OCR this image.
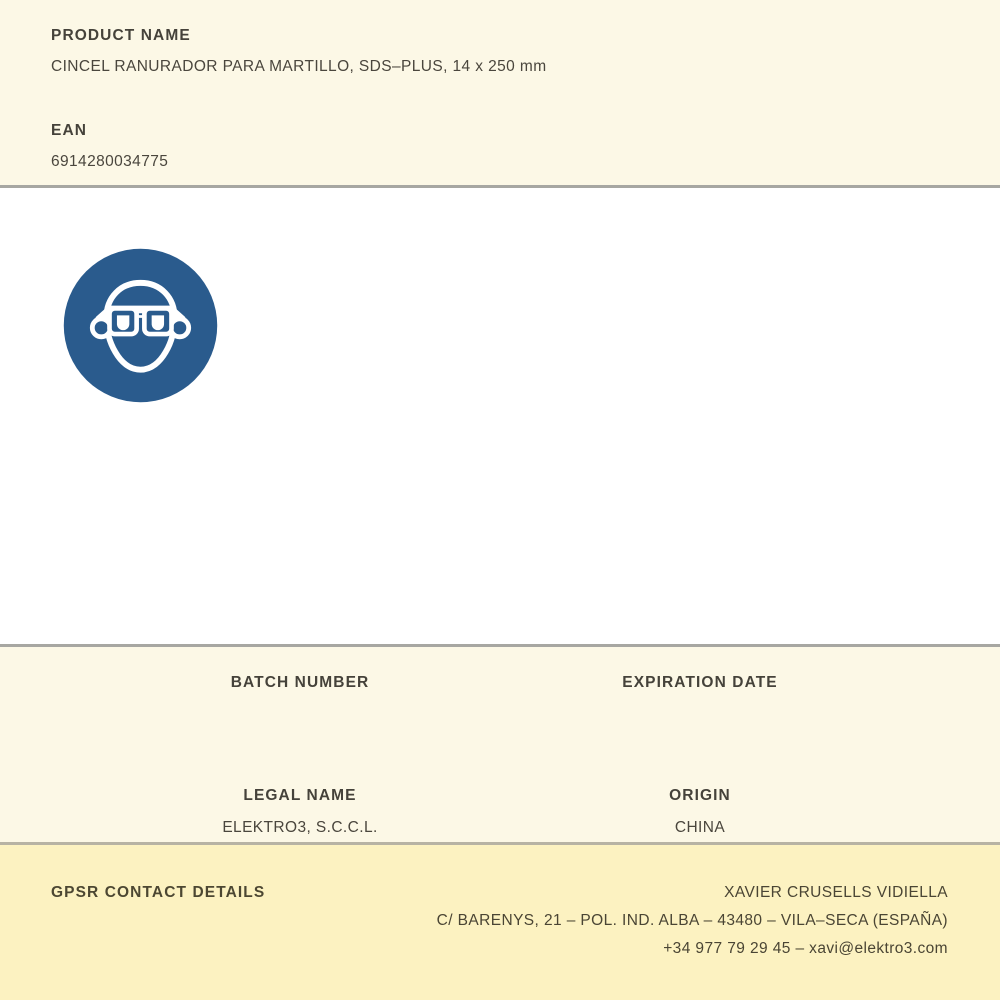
PRODUCT NAME
CINCEL RANURADOR PARA MARTILLO, SDS–PLUS, 14 x 250 mm
EAN
6914280034775
BATCH NUMBER	EXPIRATION DATE
LEGAL NAME
ELEKTRO3, S.C.C.L.
ORIGIN
CHINA
GPSR CONTACT DETAILS	XAVIER CRUSELLS VIDIELLA
C/ BARENYS, 21 – POL. IND. ALBA – 43480 – VILA–SECA (ESPAÑA)
+34 977 79 29 45 – xavi@elektro3.com
